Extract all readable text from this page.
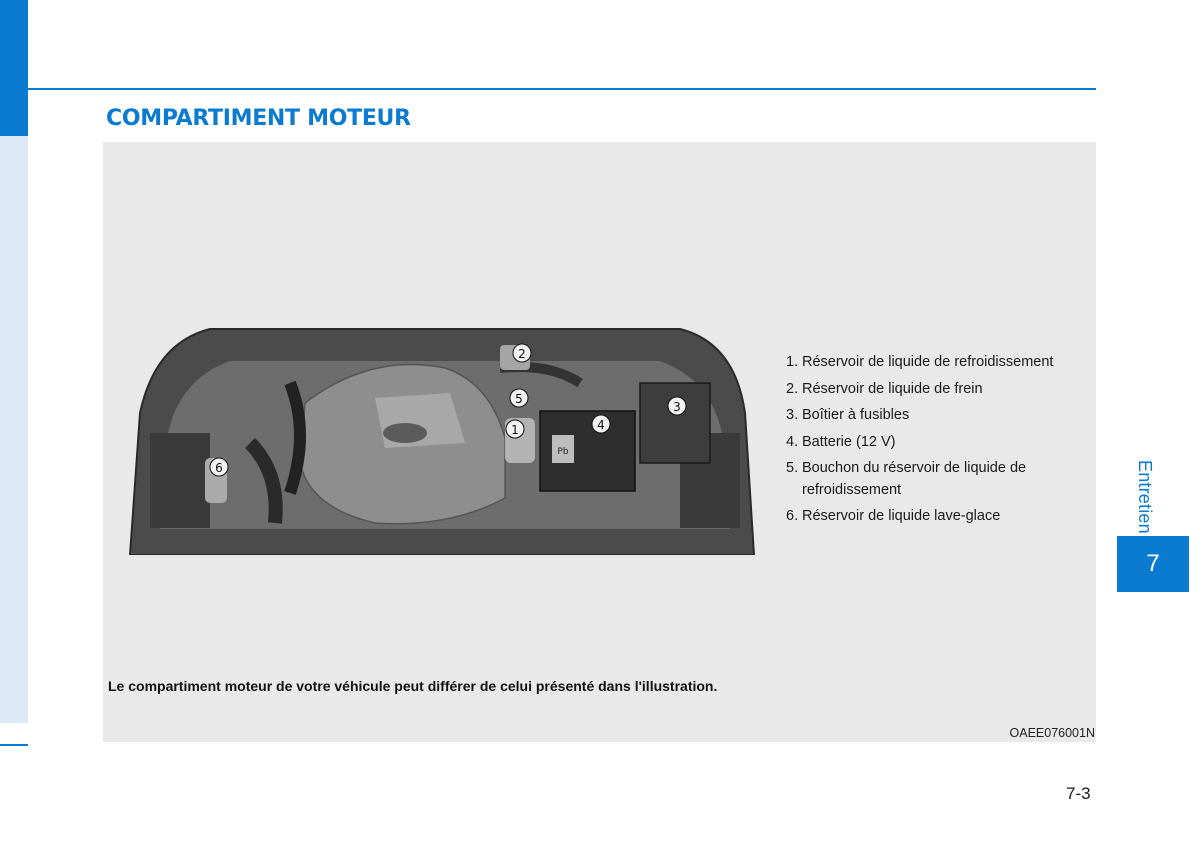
COMPARTIMENT MOTEUR
Pb
1
2
3
4
5
6
1. Réservoir de liquide de refroidissement
2. Réservoir de liquide de frein
3. Boîtier à fusibles
4. Batterie (12 V)
5. Bouchon du réservoir de liquide de refroidissement
6. Réservoir de liquide lave-glace
Le compartiment moteur de votre véhicule peut différer de celui présenté dans l'illustration.
OAEE076001N
Entretien
7
7-3
